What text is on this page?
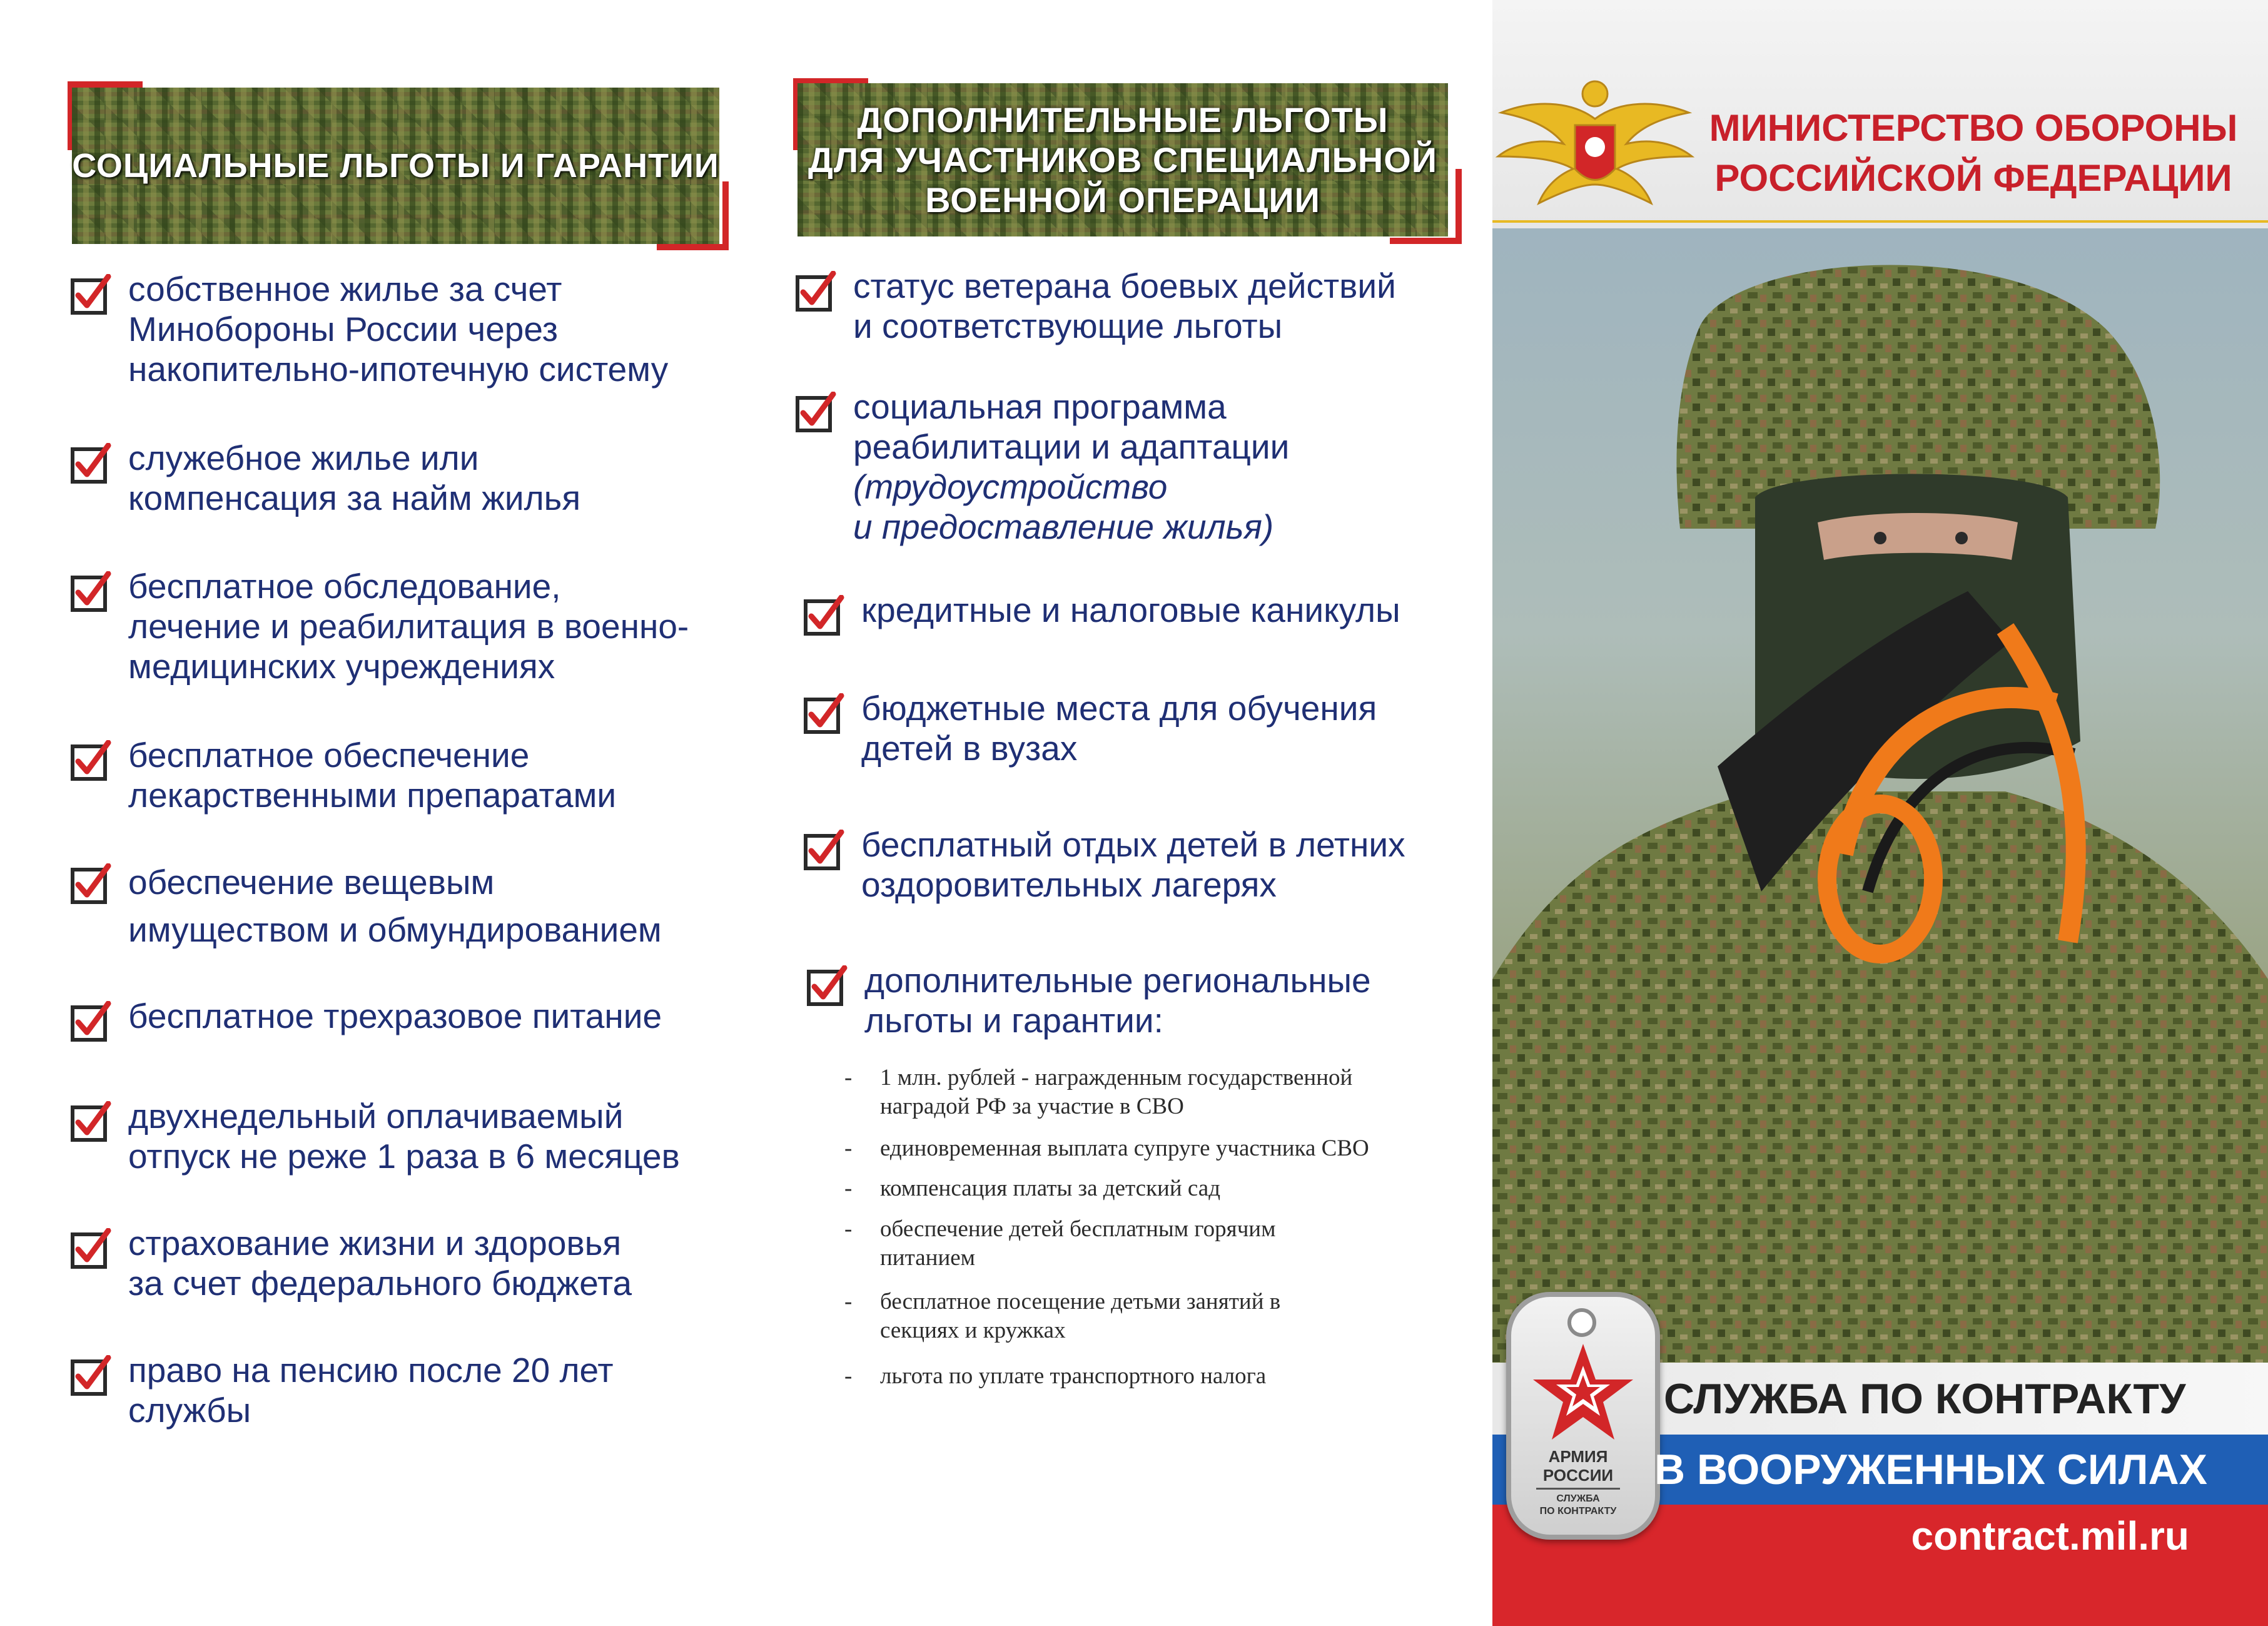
СОЦИАЛЬНЫЕ ЛЬГОТЫ И ГАРАНТИИ
собственное жилье за счет
Минобороны России через
накопительно-ипотечную систему
служебное жилье или
компенсация за найм жилья
бесплатное обследование,
лечение и реабилитация в военно-
медицинских учреждениях
бесплатное обеспечение
лекарственными препаратами
обеспечение вещевым
имуществом и обмундированием
бесплатное трехразовое питание
двухнедельный оплачиваемый
отпуск не реже 1 раза в 6 месяцев
страхование жизни и здоровья
за счет федерального бюджета
право на пенсию после 20 лет
службы
ДОПОЛНИТЕЛЬНЫЕ ЛЬГОТЫ
ДЛЯ УЧАСТНИКОВ СПЕЦИАЛЬНОЙ
ВОЕННОЙ ОПЕРАЦИИ
статус ветерана боевых действий
и соответствующие льготы
социальная программа
реабилитации и адаптации
(трудоустройство
и предоставление жилья)
кредитные и налоговые каникулы
бюджетные места для обучения
детей в вузах
бесплатный отдых детей в летних
оздоровительных лагерях
дополнительные региональные
льготы и гарантии:
-	1 млн. рублей - награжденным государственной
наградой РФ за участие в СВО
-	единовременная выплата супруге участника СВО
-	компенсация платы за детский сад
-	обеспечение детей бесплатным горячим
питанием
-	бесплатное посещение детьми занятий в
секциях и кружках
-	льгота по уплате транспортного налога
МИНИСТЕРСТВО ОБОРОНЫ
РОССИЙСКОЙ ФЕДЕРАЦИИ
АРМИЯ
РОССИИ
СЛУЖБА
ПО КОНТРАКТУ
СЛУЖБА ПО КОНТРАКТУ
В ВООРУЖЕННЫХ СИЛАХ
contract.mil.ru
